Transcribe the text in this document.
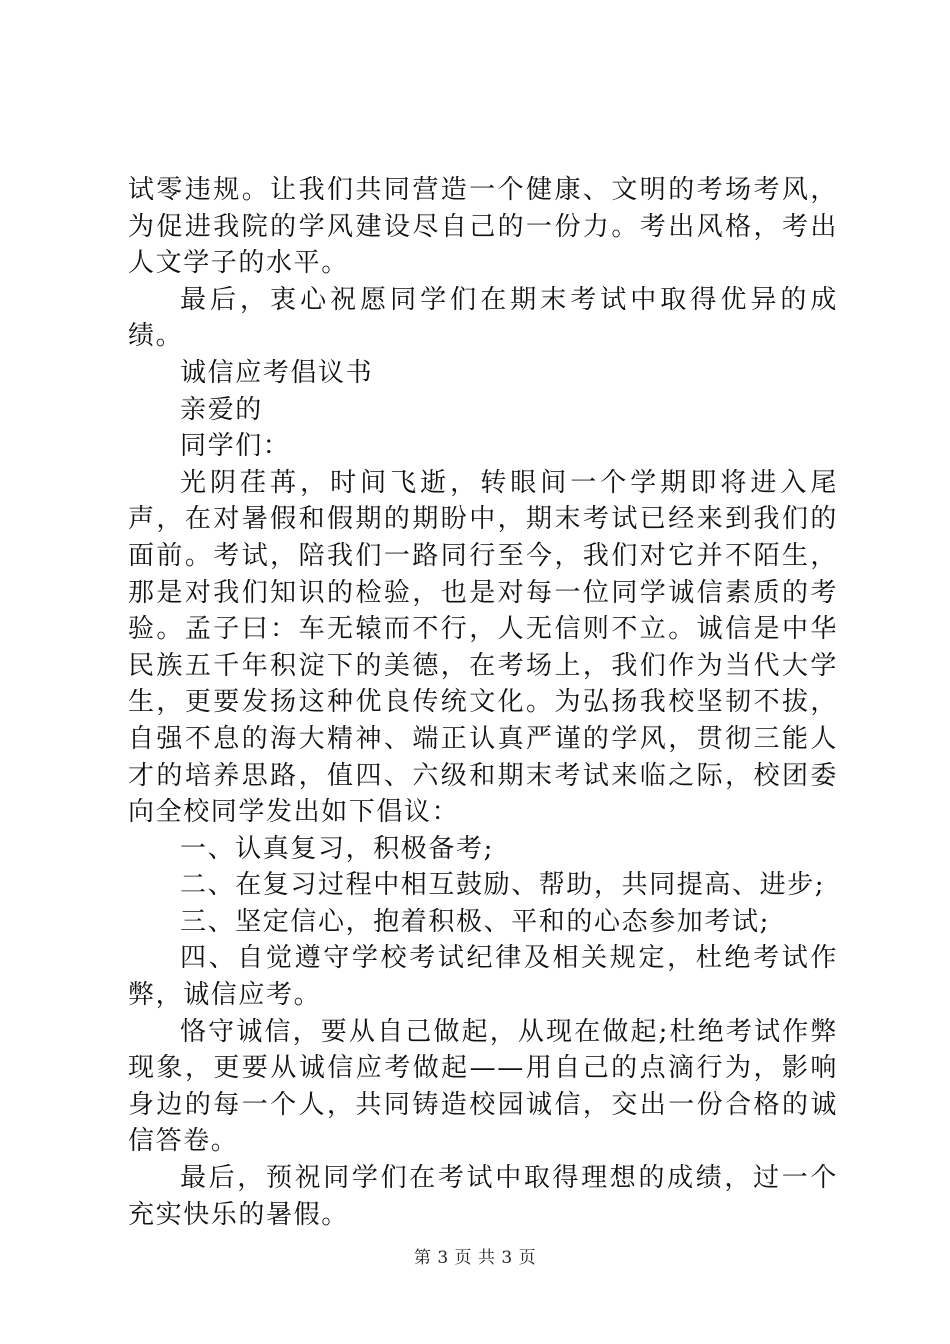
试零违规。让我们共同营造一个健康、文明的考场考风，为促进我院的学风建设尽自己的一份力。考出风格，考出人文学子的水平。

最后，衷心祝愿同学们在期末考试中取得优异的成绩。

诚信应考倡议书

亲爱的

同学们：

光阴荏苒，时间飞逝，转眼间一个学期即将进入尾声，在对暑假和假期的期盼中，期末考试已经来到我们的面前。考试，陪我们一路同行至今，我们对它并不陌生，那是对我们知识的检验，也是对每一位同学诚信素质的考验。孟子曰：车无辕而不行，人无信则不立。诚信是中华民族五千年积淀下的美德，在考场上，我们作为当代大学生，更要发扬这种优良传统文化。为弘扬我校坚韧不拔，自强不息的海大精神、端正认真严谨的学风，贯彻三能人才的培养思路，值四、六级和期末考试来临之际，校团委向全校同学发出如下倡议：

一、认真复习，积极备考;

二、在复习过程中相互鼓励、帮助，共同提高、进步;

三、坚定信心，抱着积极、平和的心态参加考试;

四、自觉遵守学校考试纪律及相关规定，杜绝考试作弊，诚信应考。

恪守诚信，要从自己做起，从现在做起;杜绝考试作弊现象，更要从诚信应考做起——用自己的点滴行为，影响身边的每一个人，共同铸造校园诚信，交出一份合格的诚信答卷。

最后，预祝同学们在考试中取得理想的成绩，过一个充实快乐的暑假。

第 3 页 共 3 页
